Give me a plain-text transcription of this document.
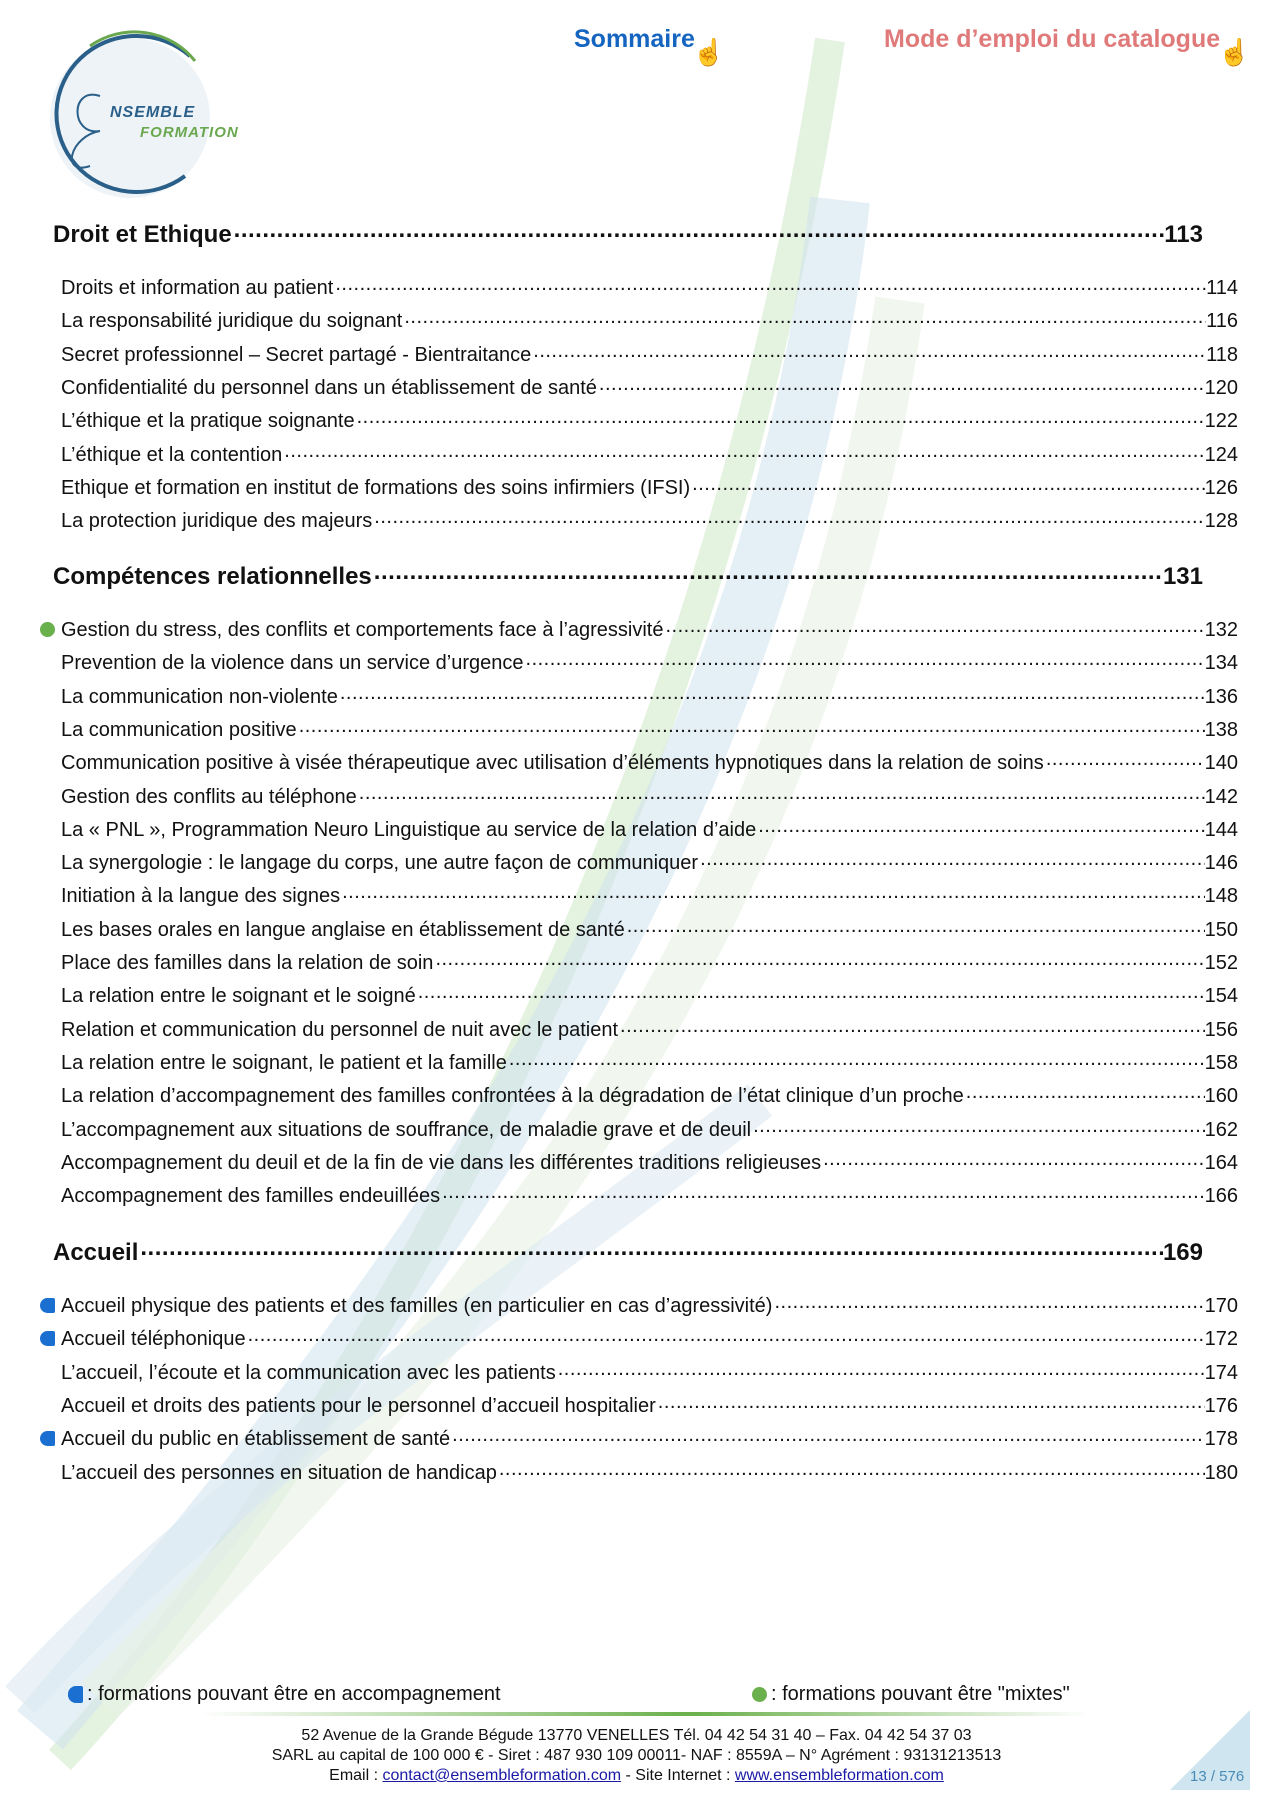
NSEMBLE
FORMATION
Sommaire☝	Mode d’emploi du catalogue☝
Droit et Ethique .....	113
Droits et information au patient .....	114
La responsabilité juridique du soignant .....	116
Secret professionnel – Secret partagé - Bientraitance .....	118
Confidentialité du personnel dans un établissement de santé .....	120
L’éthique et la pratique soignante .....	122
L’éthique et la contention .....	124
Ethique et formation en institut de formations des soins infirmiers (IFSI) .....	126
La protection juridique des majeurs .....	128
Compétences relationnelles .....	131
Gestion du stress, des conflits et comportements face à l’agressivité .....	132
Prevention de la violence dans un service d’urgence .....	134
La communication non-violente .....	136
La communication positive .....	138
Communication positive à visée thérapeutique avec utilisation d’éléments hypnotiques dans la relation de soins .....	140
Gestion des conflits au téléphone .....	142
La « PNL », Programmation Neuro Linguistique au service de la relation d’aide .....	144
La synergologie : le langage du corps, une autre façon de communiquer .....	146
Initiation à la langue des signes .....	148
Les bases orales en langue anglaise en établissement de santé .....	150
Place des familles dans la relation de soin .....	152
La relation entre le soignant et le soigné .....	154
Relation et communication du personnel de nuit avec le patient .....	156
La relation entre le soignant, le patient et la famille .....	158
La relation d’accompagnement des familles confrontées à la dégradation de l’état clinique d’un proche .....	160
L’accompagnement aux situations de souffrance, de maladie grave et de deuil .....	162
Accompagnement du deuil et de la fin de vie dans les différentes traditions religieuses .....	164
Accompagnement des familles endeuillées .....	166
Accueil .....	169
Accueil physique des patients et des familles (en particulier en cas d’agressivité) .....	170
Accueil téléphonique .....	172
L’accueil, l’écoute et la communication avec les patients .....	174
Accueil et droits des patients pour le personnel d’accueil hospitalier .....	176
Accueil du public en établissement de santé .....	178
L’accueil des personnes en situation de handicap .....	180
: formations pouvant être en accompagnement	: formations pouvant être "mixtes"
52 Avenue de la Grande Bégude 13770 VENELLES Tél. 04 42 54 31 40 – Fax. 04 42 54 37 03
SARL au capital de 100 000 € - Siret : 487 930 109 00011- NAF : 8559A – N° Agrément : 93131213513
Email : contact@ensembleformation.com - Site Internet : www.ensembleformation.com	13 / 576
